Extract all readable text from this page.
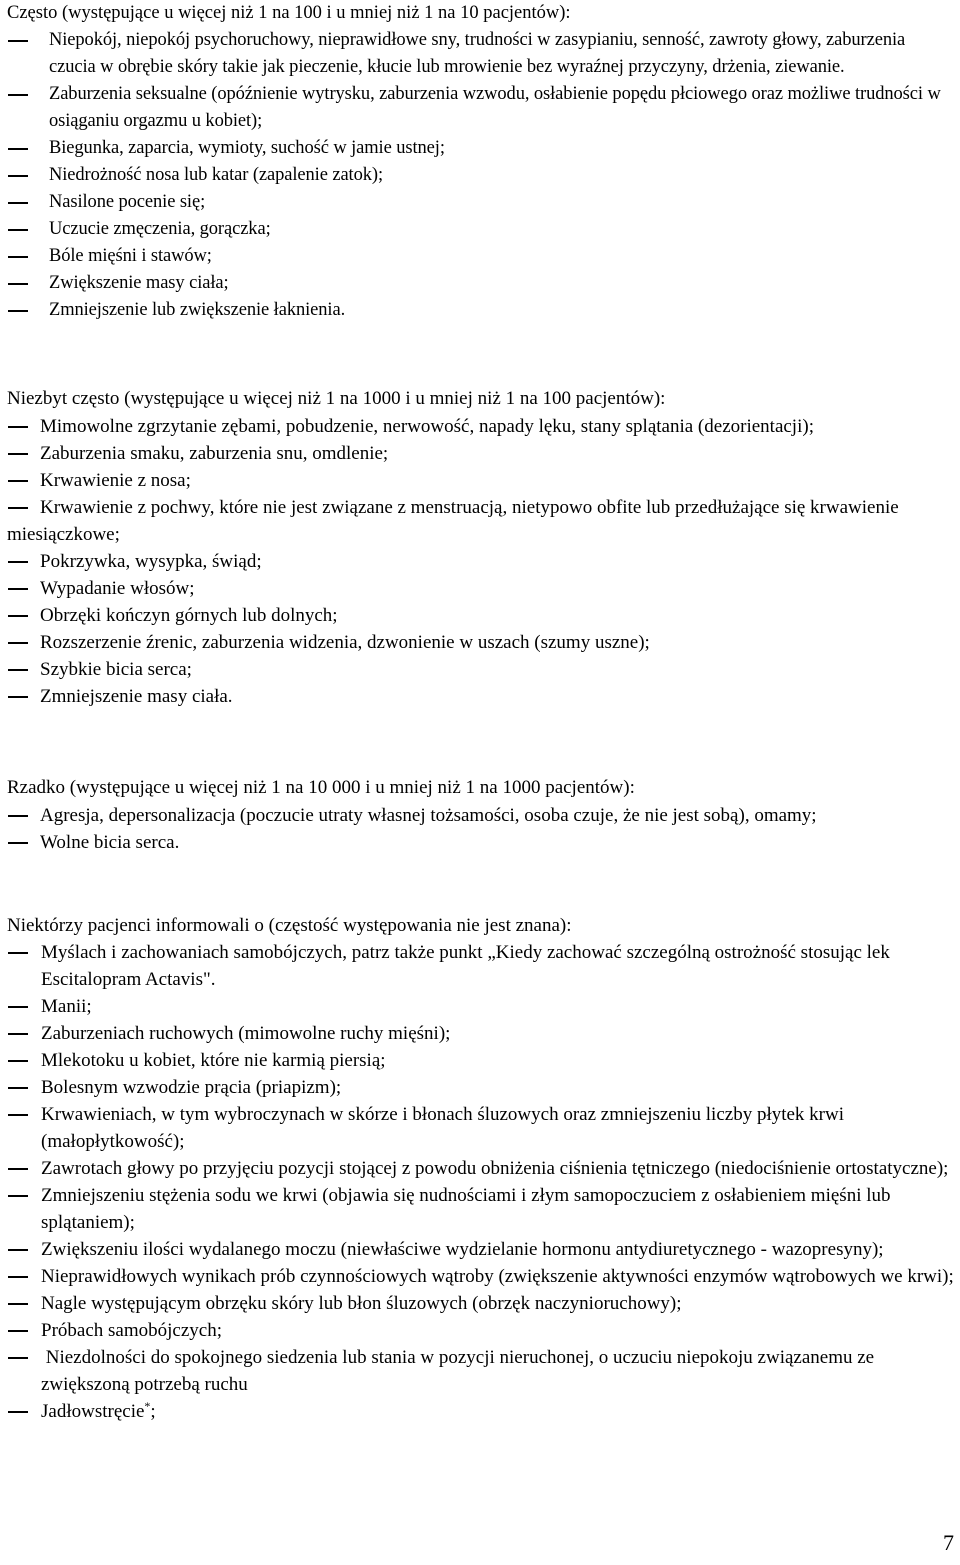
Często (występujące u więcej niż 1 na 100 i u mniej niż 1 na 10 pacjentów):
Niepokój, niepokój psychoruchowy, nieprawidłowe sny, trudności w zasypianiu, senność, zawroty głowy, zaburzenia czucia w obrębie skóry takie jak pieczenie, kłucie lub mrowienie bez wyraźnej przyczyny, drżenia, ziewanie.
Zaburzenia seksualne (opóźnienie wytrysku, zaburzenia wzwodu, osłabienie popędu płciowego oraz możliwe trudności w osiąganiu orgazmu u kobiet);
Biegunka, zaparcia, wymioty, suchość w jamie ustnej;
Niedrożność nosa lub katar (zapalenie zatok);
Nasilone pocenie się;
Uczucie zmęczenia, gorączka;
Bóle mięśni i stawów;
Zwiększenie masy ciała;
Zmniejszenie lub zwiększenie łaknienia.
Niezbyt często (występujące u więcej niż 1 na 1000 i u mniej niż 1 na 100 pacjentów):
Mimowolne zgrzytanie zębami, pobudzenie, nerwowość, napady lęku, stany splątania (dezorientacji);
Zaburzenia smaku, zaburzenia snu, omdlenie;
Krwawienie z nosa;
Krwawienie z pochwy, które nie jest związane z menstruacją, nietypowo obfite lub przedłużające się krwawienie miesiączkowe;
Pokrzywka, wysypka, świąd;
Wypadanie włosów;
Obrzęki kończyn górnych lub dolnych;
Rozszerzenie źrenic, zaburzenia widzenia, dzwonienie w uszach (szumy uszne);
Szybkie bicia serca;
Zmniejszenie masy ciała.
Rzadko (występujące u więcej niż 1 na 10 000 i u mniej niż 1 na 1000 pacjentów):
Agresja, depersonalizacja (poczucie utraty własnej tożsamości, osoba czuje, że nie jest sobą), omamy;
Wolne bicia serca.
Niektórzy pacjenci informowali o (częstość występowania nie jest znana):
Myślach i zachowaniach samobójczych, patrz także punkt „Kiedy zachować szczególną ostrożność stosując lek Escitalopram Actavis".
Manii;
Zaburzeniach ruchowych (mimowolne ruchy mięśni);
Mlekotoku u kobiet, które nie karmią piersią;
Bolesnym wzwodzie prącia (priapizm);
Krwawieniach, w tym wybroczynach w skórze i błonach śluzowych oraz zmniejszeniu liczby płytek krwi (małopłytkowość);
Zawrotach głowy po przyjęciu pozycji stojącej z powodu obniżenia ciśnienia tętniczego (niedociśnienie ortostatyczne);
Zmniejszeniu stężenia sodu we krwi (objawia się nudnościami i złym samopoczuciem z osłabieniem mięśni lub splątaniem);
Zwiększeniu ilości wydalanego moczu (niewłaściwe wydzielanie hormonu antydiuretycznego - wazopresyny);
Nieprawidłowych wynikach prób czynnościowych wątroby (zwiększenie aktywności enzymów wątrobowych we krwi);
Nagle występującym obrzęku skóry lub błon śluzowych (obrzęk naczynioruchowy);
Próbach samobójczych;
Niezdolności do spokojnego siedzenia lub stania w pozycji nieruchonej, o uczuciu niepokoju związanemu ze zwiększoną potrzebą ruchu
Jadłowstręcie*;
7
